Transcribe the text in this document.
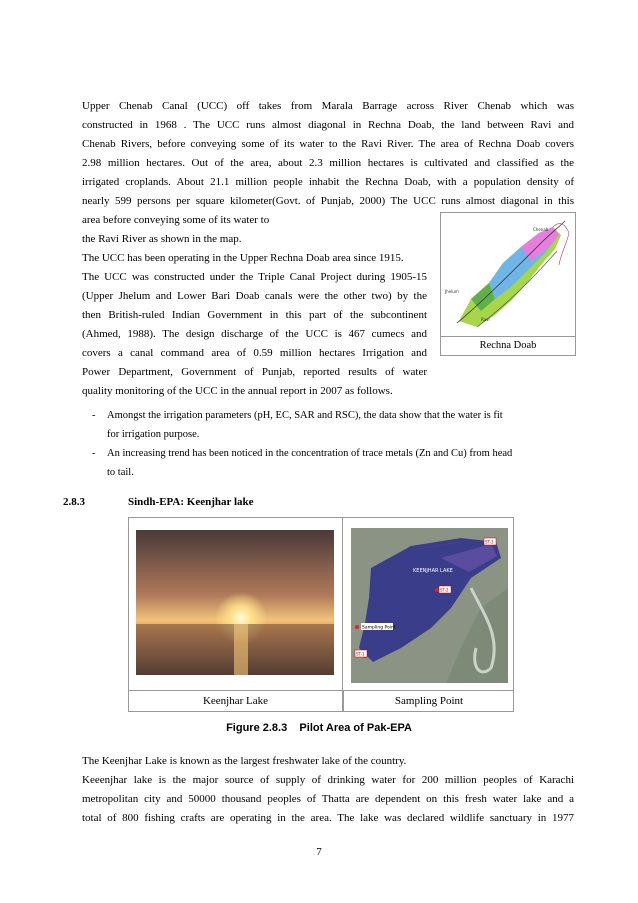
Upper Chenab Canal (UCC) off takes from Marala Barrage across River Chenab which was
constructed in 1968 . The UCC runs almost diagonal in Rechna Doab, the land between Ravi and
Chenab Rivers, before conveying some of its water to the Ravi River. The area of Rechna Doab covers
2.98 million hectares. Out of the area, about 2.3 million hectares is cultivated and classified as the
irrigated croplands. About 21.1 million people inhabit the Rechna Doab, with a population density of
nearly 599 persons per square kilometer(Govt. of Punjab, 2000) The UCC runs almost diagonal in this
area before conveying some of its water to
the Ravi River as shown in the map.
The UCC has been operating in the Upper Rechna Doab area since 1915.
The UCC was constructed under the Triple Canal Project during 1905-15
(Upper Jhelum and Lower Bari Doab canals were the other two) by the
then British-ruled Indian Government in this part of the subcontinent
(Ahmed, 1988). The design discharge of the UCC is 467 cumecs and
covers a canal command area of 0.59 million hectares Irrigation and
Power Department, Government of Punjab, reported results of water
quality monitoring of the UCC in the annual report in 2007 as follows.
Chenab
Ravi
Jhelum
Rechna Doab
- Amongst the irrigation parameters (pH, EC, SAR and RSC), the data show that the water is fit
for irrigation purpose.
- An increasing trend has been noticed in the concentration of trace metals (Zn and Cu) from head
to tail.
2.8.3	Sindh-EPA: Keenjhar lake
KEENJHAR LAKE
ST-3
ST-2
Sampling Point
ST-1
Keenjhar Lake	Sampling Point
Figure 2.8.3    Pilot Area of Pak-EPA
The Keenjhar Lake is known as the largest freshwater lake of the country.
Keeenjhar lake is the major source of supply of drinking water for 200 million peoples of Karachi
metropolitan city and 50000 thousand peoples of Thatta are dependent on this fresh water lake and a
total of 800 fishing crafts are operating in the area. The lake was declared wildlife sanctuary in 1977
7
